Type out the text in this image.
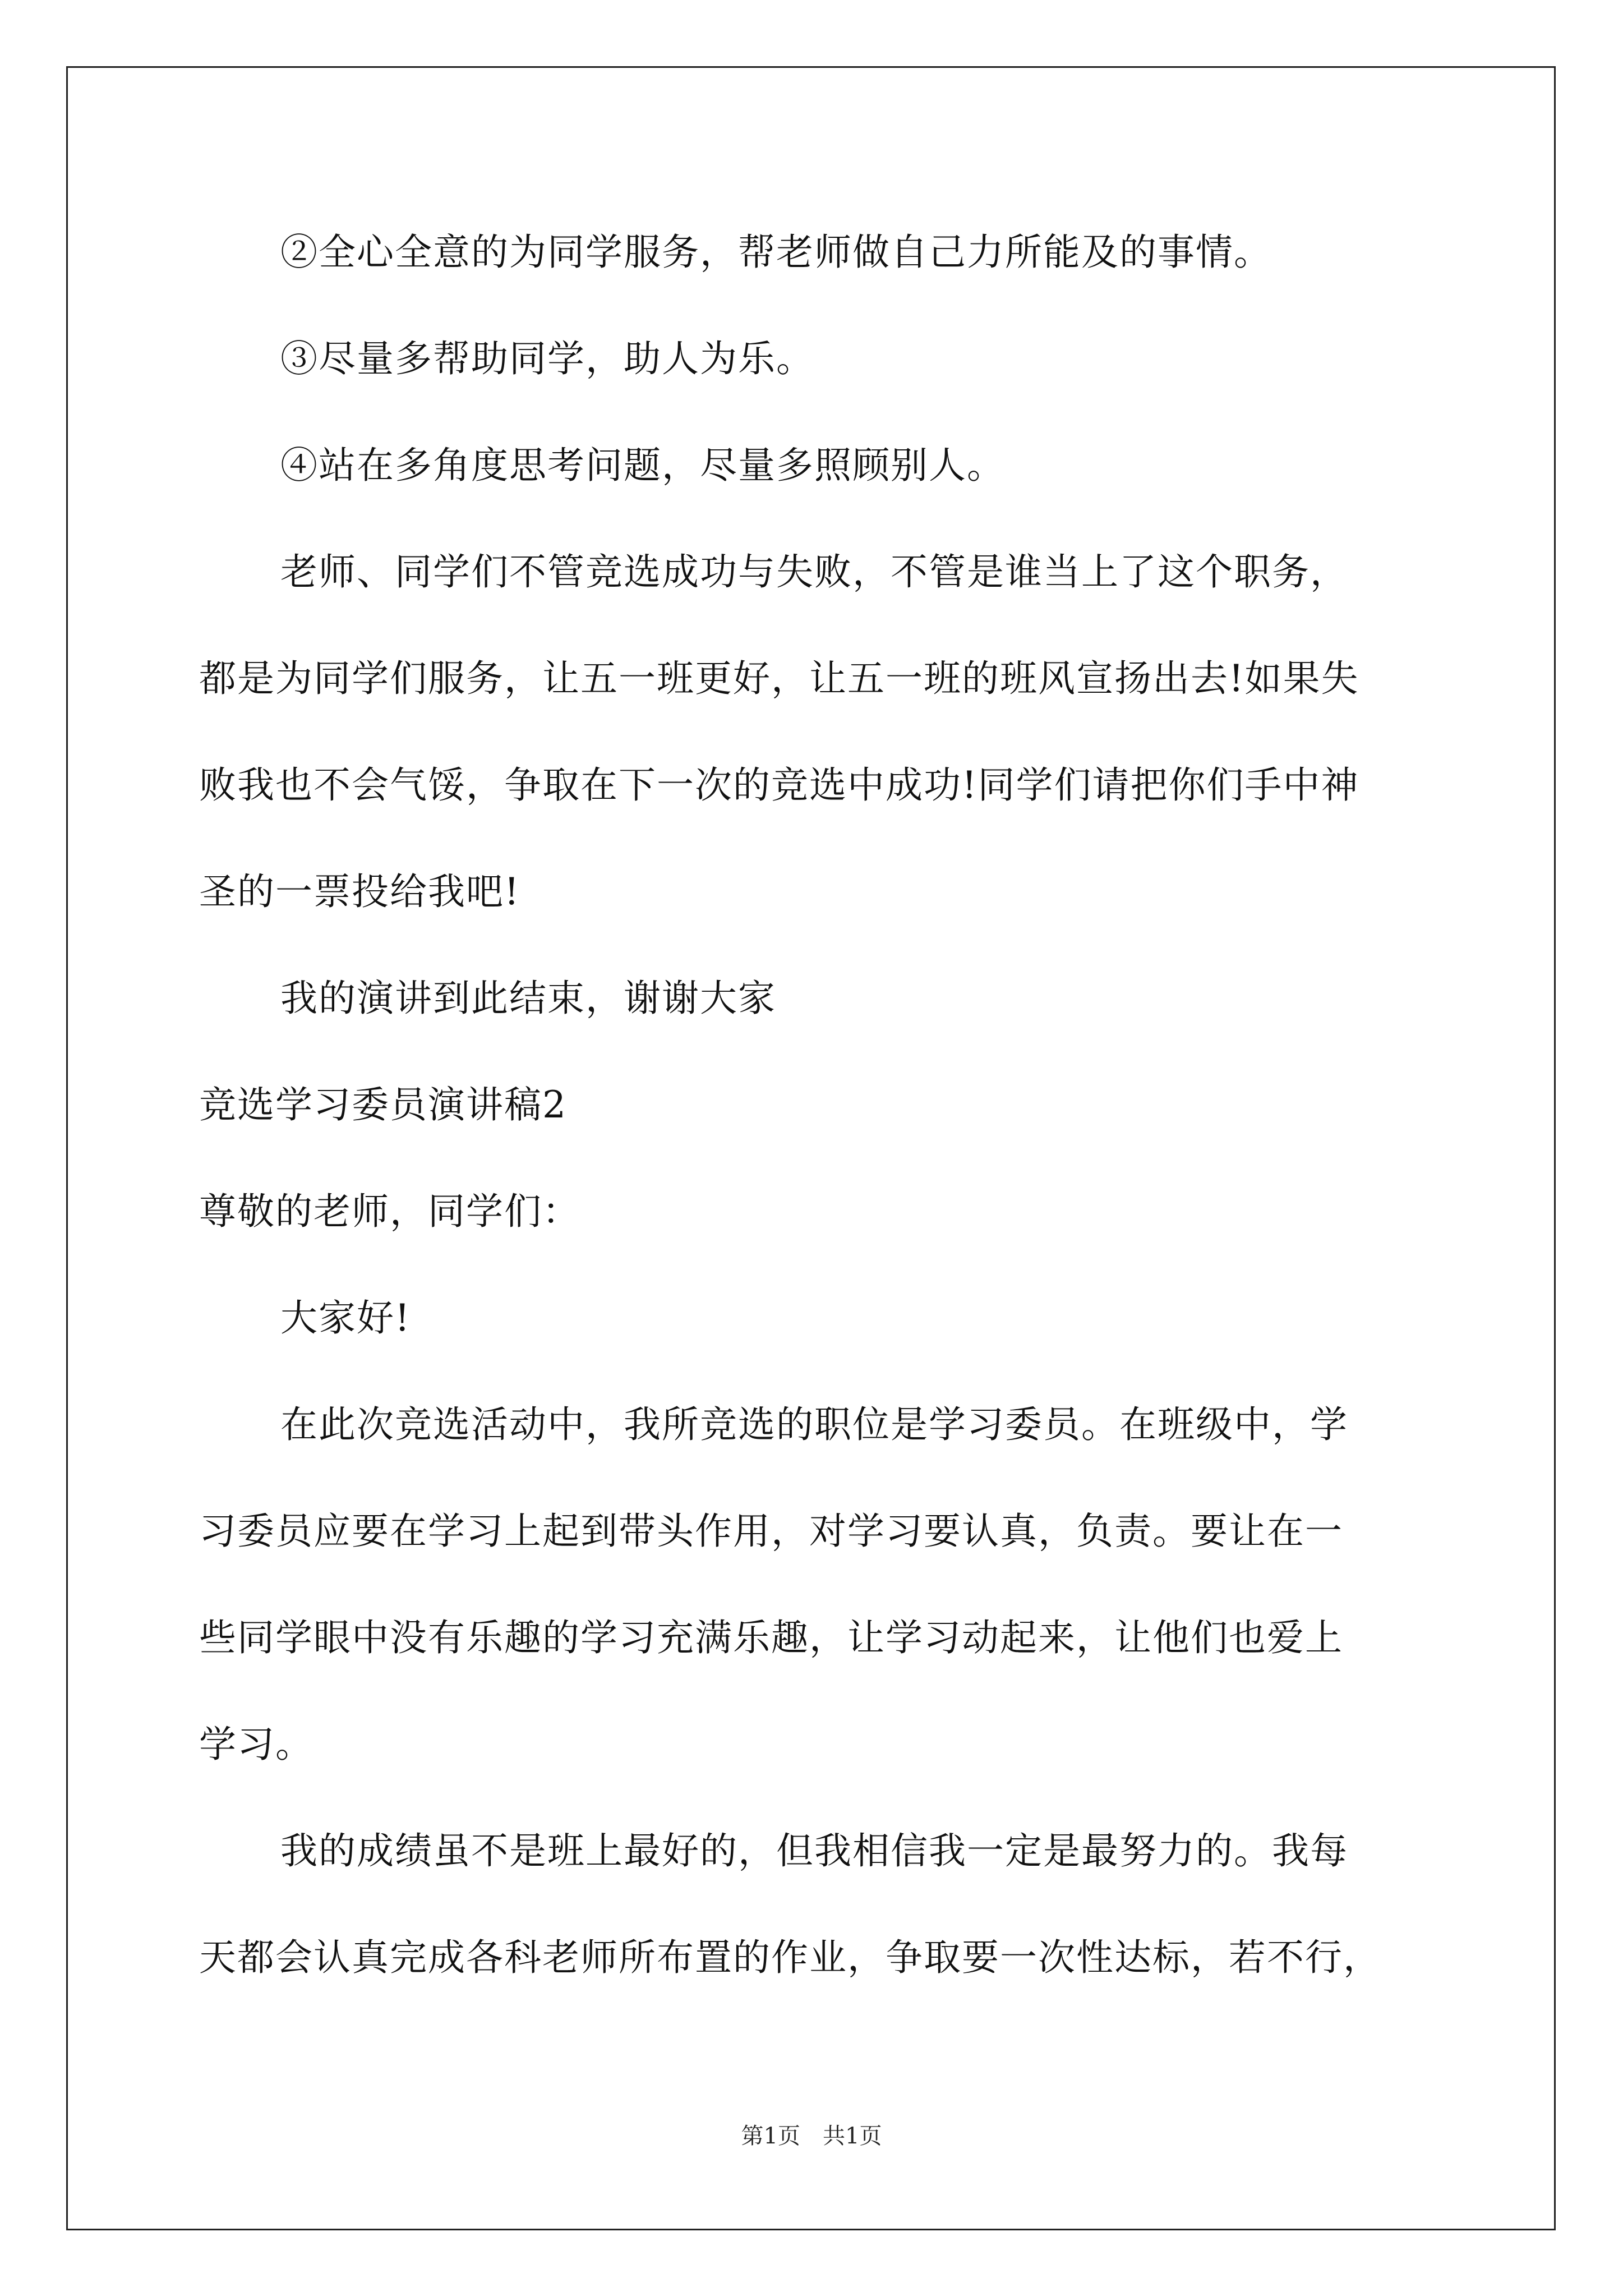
②全心全意的为同学服务，帮老师做自己力所能及的事情。
③尽量多帮助同学，助人为乐。
④站在多角度思考问题，尽量多照顾别人。
老师、同学们不管竞选成功与失败，不管是谁当上了这个职务，
都是为同学们服务，让五一班更好，让五一班的班风宣扬出去!如果失
败我也不会气馁，争取在下一次的竞选中成功!同学们请把你们手中神
圣的一票投给我吧!
我的演讲到此结束，谢谢大家
竞选学习委员演讲稿2
尊敬的老师，同学们：
大家好!
在此次竞选活动中，我所竞选的职位是学习委员。在班级中，学
习委员应要在学习上起到带头作用，对学习要认真，负责。要让在一
些同学眼中没有乐趣的学习充满乐趣，让学习动起来，让他们也爱上
学习。
我的成绩虽不是班上最好的，但我相信我一定是最努力的。我每
天都会认真完成各科老师所布置的作业，争取要一次性达标，若不行，
第1页　共1页
